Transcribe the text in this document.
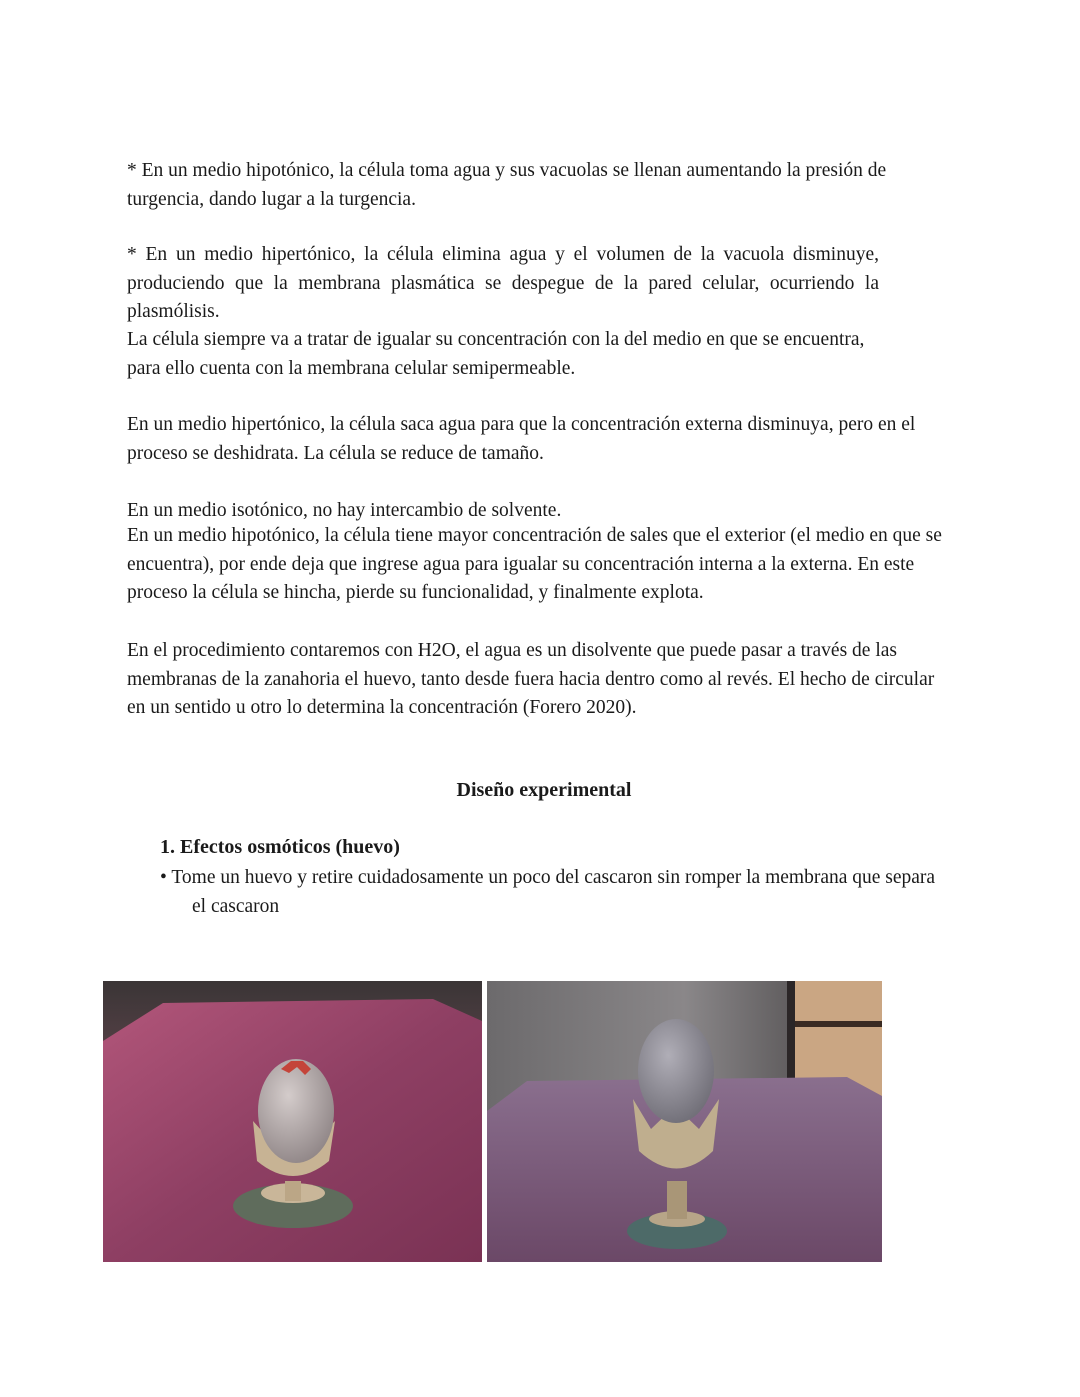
* En un medio hipotónico, la célula toma agua y sus vacuolas se llenan aumentando la presión de turgencia, dando lugar a la turgencia.

* En un medio hipertónico, la célula elimina agua y el volumen de la vacuola disminuye, produciendo que la membrana plasmática se despegue de la pared celular, ocurriendo la plasmólisis.

La célula siempre va a tratar de igualar su concentración con la del medio en que se encuentra, para ello cuenta con la membrana celular semipermeable.

En un medio hipertónico, la célula saca agua para que la concentración externa disminuya, pero en el proceso se deshidrata. La célula se reduce de tamaño.

En un medio isotónico, no hay intercambio de solvente.

En un medio hipotónico, la célula tiene mayor concentración de sales que el exterior (el medio en que se encuentra), por ende deja que ingrese agua para igualar su concentración interna a la externa. En este proceso la célula se hincha, pierde su funcionalidad, y finalmente explota.

En el procedimiento contaremos con H2O, el agua es un disolvente que puede pasar a través de las membranas de la zanahoria el huevo, tanto desde fuera hacia dentro como al revés. El hecho de circular en un sentido u otro lo determina la concentración (Forero 2020).

Diseño experimental
1. Efectos osmóticos (huevo)
• Tome un huevo y retire cuidadosamente un poco del cascaron sin romper la membrana que separa el cascaron
